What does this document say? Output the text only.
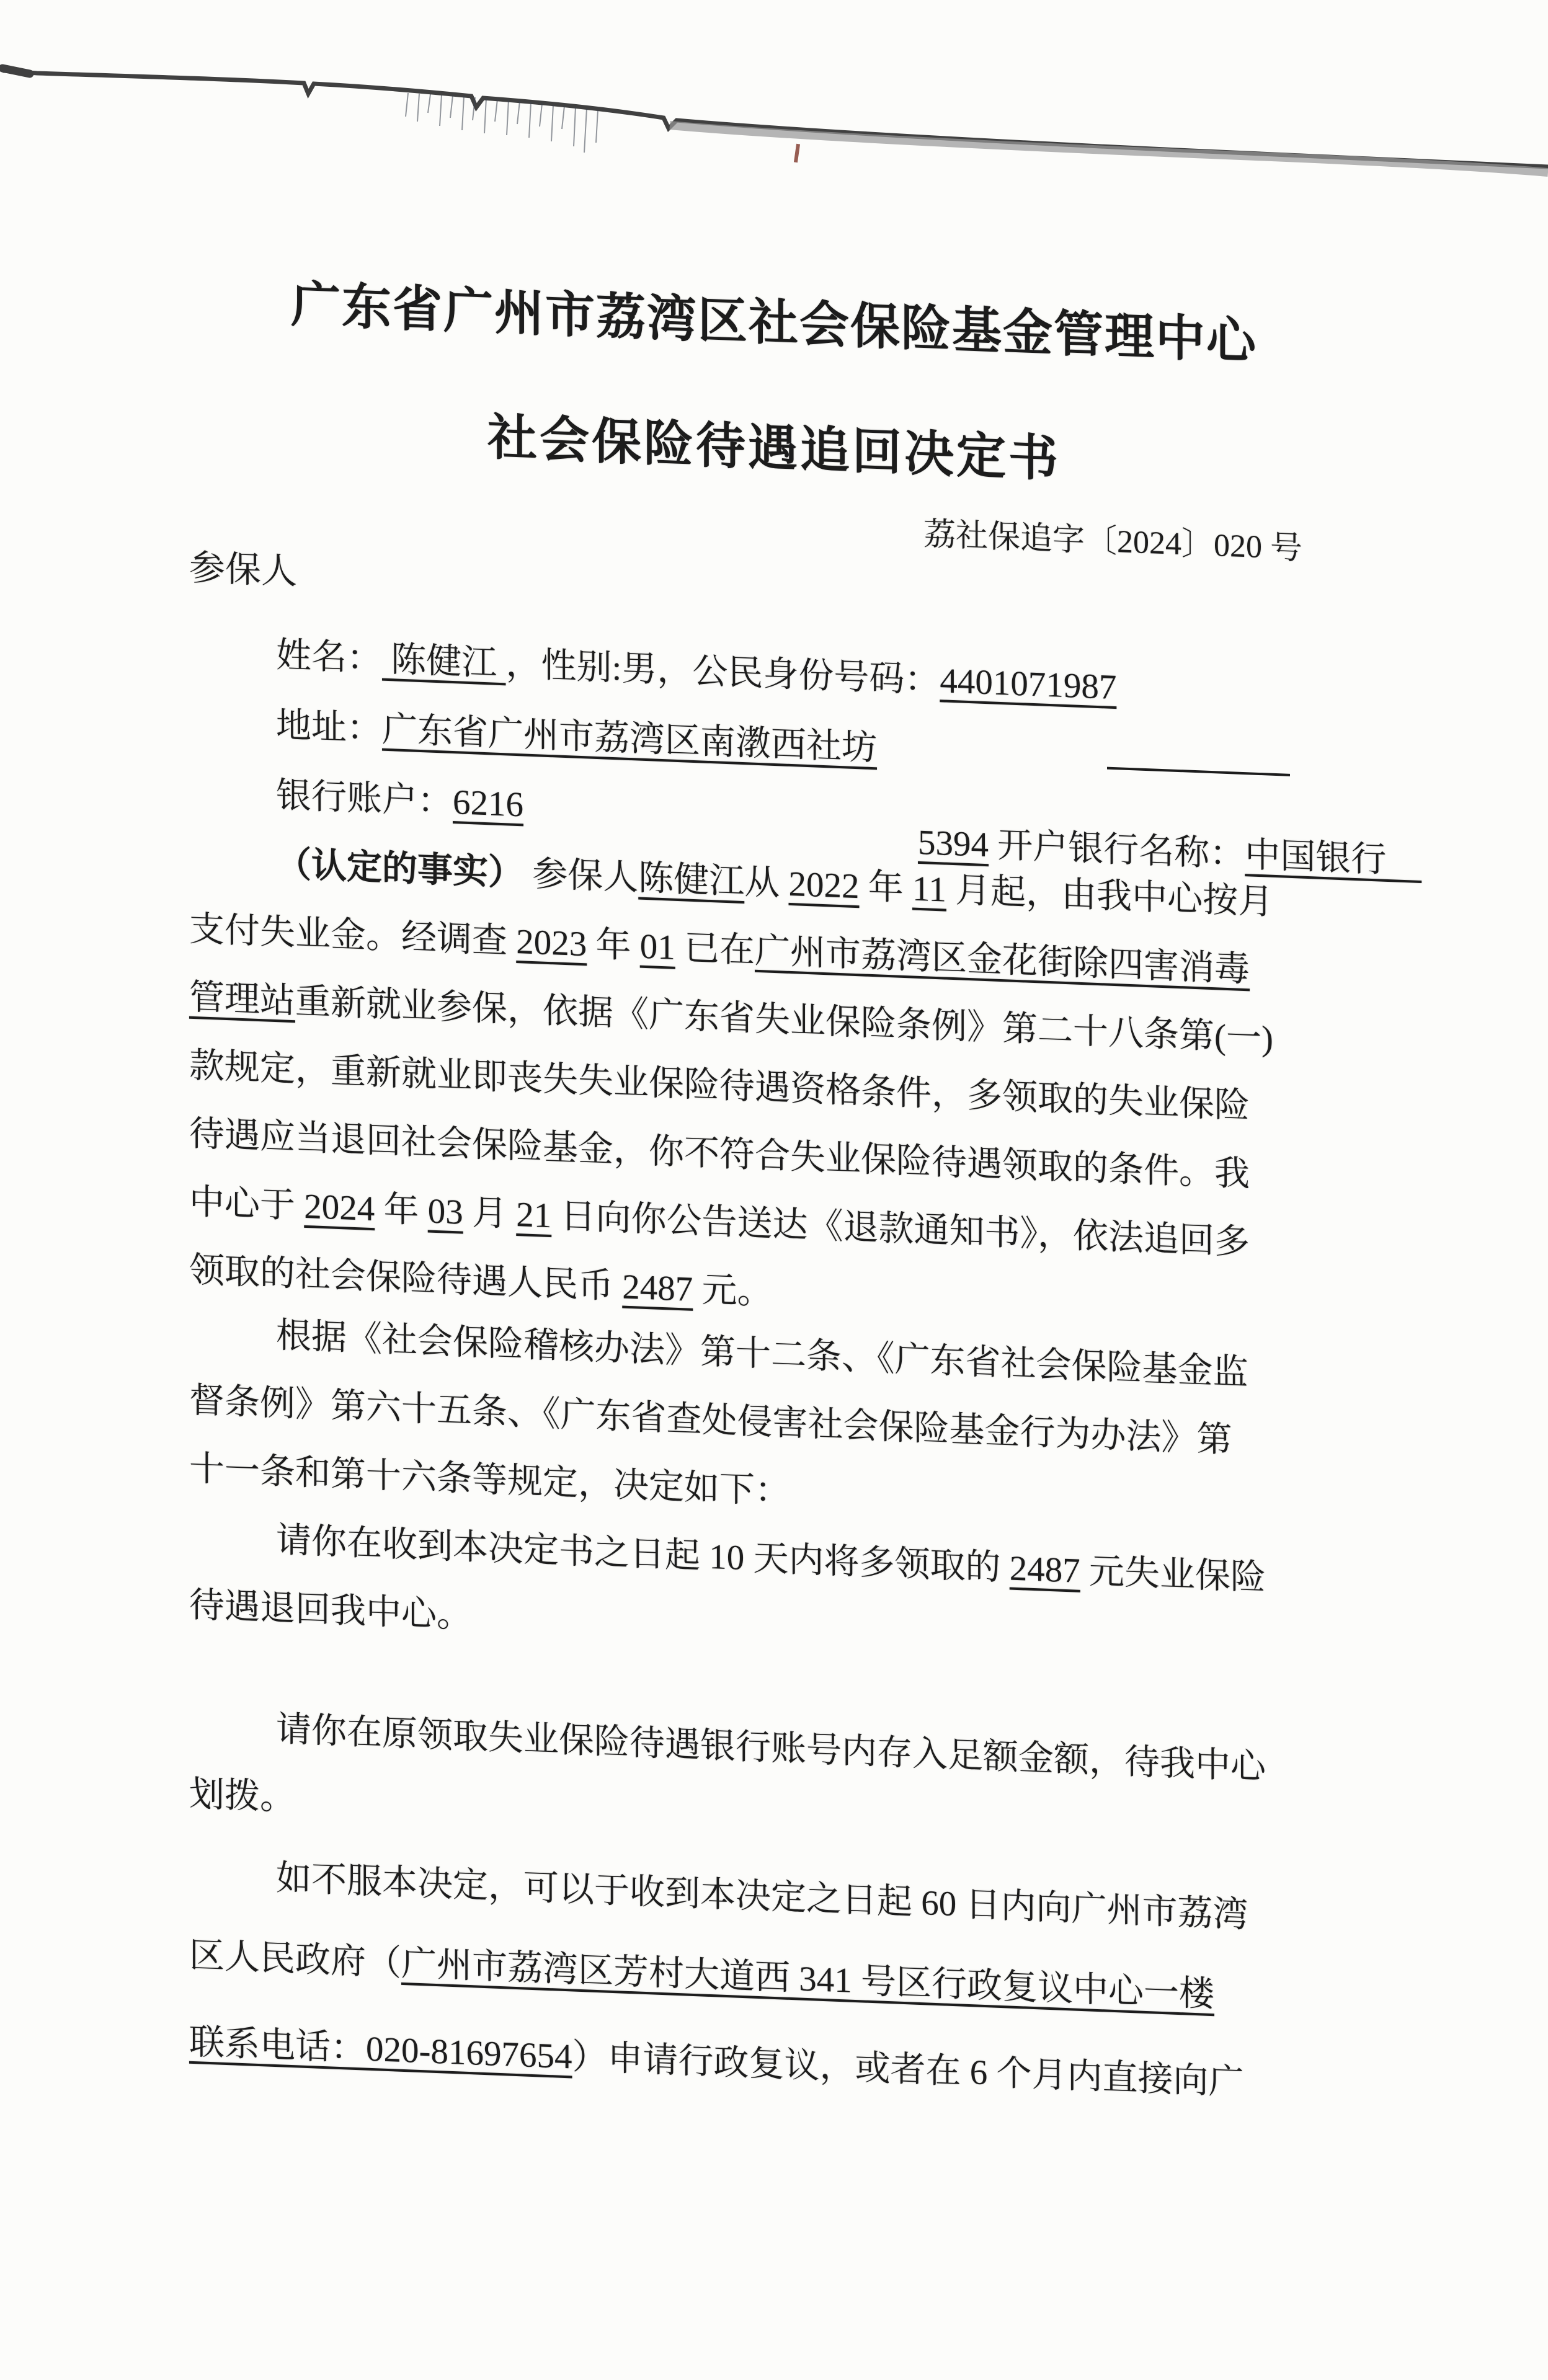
广东省广州市荔湾区社会保险基金管理中心
社会保险待遇追回决定书
荔社保追字〔2024〕020 号
参保人
姓名： 陈健江 ，性别:男，公民身份号码：4401071987
地址：广东省广州市荔湾区南漖西社坊
银行账户：6216
5394 开户银行名称：中国银行　
（认定的事实） 参保人陈健江从 2022 年 11 月起，由我中心按月
支付失业金。经调查 2023 年 01 已在广州市荔湾区金花街除四害消毒
管理站重新就业参保，依据《广东省失业保险条例》第二十八条第(一)
款规定，重新就业即丧失失业保险待遇资格条件，多领取的失业保险
待遇应当退回社会保险基金，你不符合失业保险待遇领取的条件。我
中心于 2024 年 03 月 21 日向你公告送达《退款通知书》，依法追回多
领取的社会保险待遇人民币 2487 元。
根据《社会保险稽核办法》第十二条、《广东省社会保险基金监
督条例》第六十五条、《广东省查处侵害社会保险基金行为办法》第
十一条和第十六条等规定，决定如下：
请你在收到本决定书之日起 10 天内将多领取的 2487 元失业保险
待遇退回我中心。
请你在原领取失业保险待遇银行账号内存入足额金额，待我中心
划拨。
如不服本决定，可以于收到本决定之日起 60 日内向广州市荔湾
区人民政府（广州市荔湾区芳村大道西 341 号区行政复议中心一楼
联系电话：020-81697654）申请行政复议，或者在 6 个月内直接向广
